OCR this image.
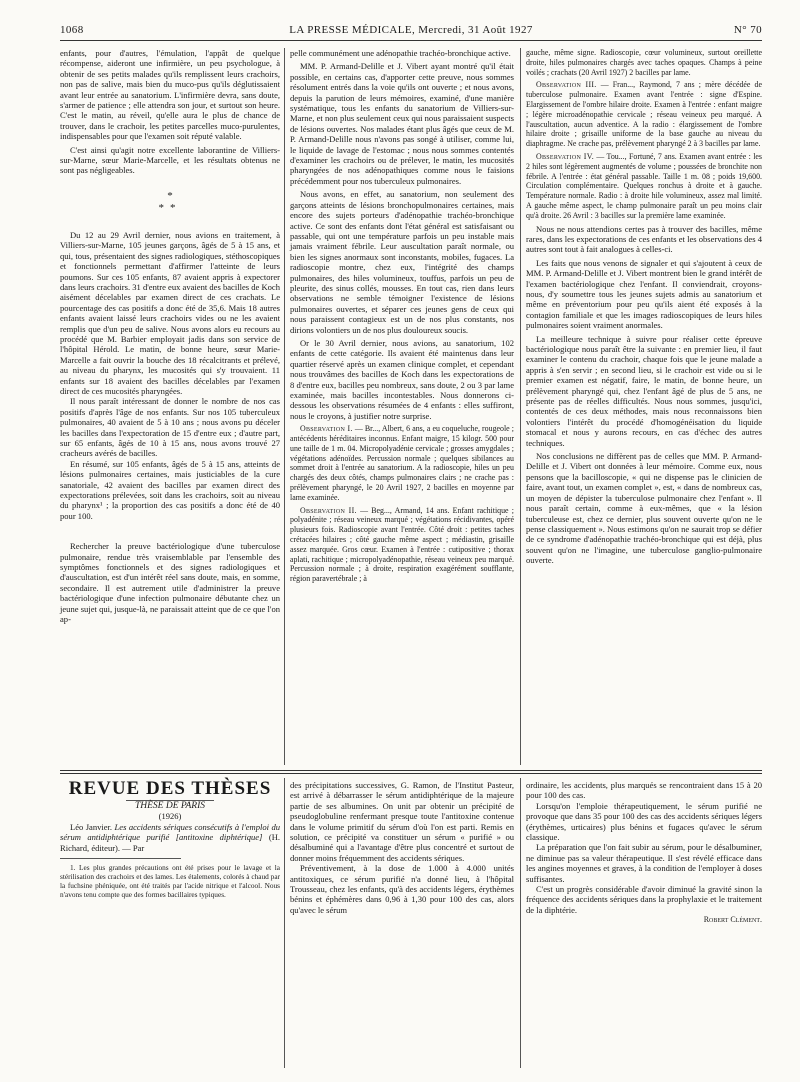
1068	LA PRESSE MÉDICALE, Mercredi, 31 Août 1927	N° 70

enfants, pour d'autres, l'émulation, l'appât de quelque récompense, aideront une infirmière, un peu psychologue, à obtenir de ses petits malades qu'ils remplissent leurs crachoirs, non pas de salive, mais bien du muco-pus qu'ils déglutissaient avant leur entrée au sanatorium. L'infirmière devra, sans doute, s'armer de patience ; elle attendra son jour, et surtout son heure. C'est le matin, au réveil, qu'elle aura le plus de chance de trouver, dans le crachoir, les petites parcelles muco-purulentes, indispensables pour que l'examen soit réputé valable.

C'est ainsi qu'agit notre excellente laborantine de Villiers-sur-Marne, sœur Marie-Marcelle, et les résultats obtenus ne sont pas négligeables.

*
**

Du 12 au 29 Avril dernier, nous avions en traitement, à Villiers-sur-Marne, 105 jeunes garçons, âgés de 5 à 15 ans, et qui, tous, présentaient des signes radiologiques, stéthoscopiques et fonctionnels permettant d'affirmer l'atteinte de leurs poumons. Sur ces 105 enfants, 87 avaient appris à expectorer dans leurs crachoirs. 31 d'entre eux avaient des bacilles de Koch aisément décelables par examen direct de ces crachats. Le pourcentage des cas positifs a donc été de 35,6. Mais 18 autres enfants avaient laissé leurs crachoirs vides ou ne les avaient remplis que d'un peu de salive. Nous avons alors eu recours au procédé que M. Barbier employait jadis dans son service de l'hôpital Hérold. Le matin, de bonne heure, sœur Marie-Marcelle a fait ouvrir la bouche des 18 récalcitrants et prélevé, au niveau du pharynx, les mucosités qui s'y trouvaient. 11 enfants sur 18 avaient des bacilles décelables par l'examen direct de ces mucosités pharyngées.

Il nous paraît intéressant de donner le nombre de nos cas positifs d'après l'âge de nos enfants. Sur nos 105 tuberculeux pulmonaires, 40 avaient de 5 à 10 ans ; nous avons pu déceler les bacilles dans l'expectoration de 15 d'entre eux ; d'autre part, sur 65 enfants, âgés de 10 à 15 ans, nous avons trouvé 27 cracheurs avérés de bacilles.

En résumé, sur 105 enfants, âgés de 5 à 15 ans, atteints de lésions pulmonaires certaines, mais justiciables de la cure sanatoriale, 42 avaient des bacilles par examen direct des expectorations prélevées, soit dans les crachoirs, soit au niveau du pharynx¹ ; la proportion des cas positifs a donc été de 40 pour 100.

Rechercher la preuve bactériologique d'une tuberculose pulmonaire, rendue très vraisemblable par l'ensemble des symptômes fonctionnels et des signes radiologiques et d'auscultation, est d'un intérêt réel sans doute, mais, en somme, secondaire. Il est autrement utile d'administrer la preuve bactériologique d'une infection pulmonaire débutante chez un jeune sujet qui, jusque-là, ne paraissait atteint que de ce que l'on ap-

pelle communément une adénopathie trachéo-bronchique active.

MM. P. Armand-Delille et J. Vibert ayant montré qu'il était possible, en certains cas, d'apporter cette preuve, nous sommes résolument entrés dans la voie qu'ils ont ouverte ; et nous avons, depuis la parution de leurs mémoires, examiné, d'une manière systématique, tous les enfants du sanatorium de Villiers-sur-Marne, et non plus seulement ceux qui nous paraissaient suspects de lésions ouvertes. Nos malades étant plus âgés que ceux de M. P. Armand-Delille nous n'avons pas songé à utiliser, comme lui, le liquide de lavage de l'estomac ; nous nous sommes contentés d'examiner les crachoirs ou de prélever, le matin, les mucosités pharyngées de nos adénopathiques comme nous le faisions précédemment pour nos tuberculeux pulmonaires.

Nous avons, en effet, au sanatorium, non seulement des garçons atteints de lésions bronchopulmonaires certaines, mais encore des sujets porteurs d'adénopathie trachéo-bronchique active. Ce sont des enfants dont l'état général est satisfaisant ou passable, qui ont une température parfois un peu instable mais jamais vraiment fébrile. Leur auscultation paraît normale, ou bien les signes anormaux sont inconstants, mobiles, fugaces. La radioscopie montre, chez eux, l'intégrité des champs pulmonaires, des hiles volumineux, touffus, parfois un peu de pleurite, des sinus collés, mousses. En tout cas, rien dans leurs observations ne semble témoigner l'existence de lésions pulmonaires ouvertes, et séparer ces jeunes gens de ceux qui nous paraissent contagieux est un de nos plus constants, nos dirions volontiers un de nos plus douloureux soucis.

Or le 30 Avril dernier, nous avions, au sanatorium, 102 enfants de cette catégorie. Ils avaient été maintenus dans leur quartier réservé après un examen clinique complet, et cependant nous trouvâmes des bacilles de Koch dans les expectorations de 8 d'entre eux, bacilles peu nombreux, sans doute, 2 ou 3 par lame examinée, mais bacilles incontestables. Nous donnerons ci-dessous les observations résumées de 4 enfants : elles suffiront, nous le croyons, à justifier notre surprise.

Observation I. — Br..., Albert, 6 ans, a eu coqueluche, rougeole ; antécédents héréditaires inconnus. Enfant maigre, 15 kilogr. 500 pour une taille de 1 m. 04. Micropolyadénie cervicale ; grosses amygdales ; végétations adénoïdes. Percussion normale ; quelques sibilances au sommet droit à l'entrée au sanatorium. A la radioscopie, hiles un peu chargés des deux côtés, champs pulmonaires clairs ; ne crache pas : prélèvement pharyngé, le 20 Avril 1927, 2 bacilles en moyenne par lame examinée.

Observation II. — Beg..., Armand, 14 ans. Enfant rachitique ; polyadénite ; réseau veineux marqué ; végétations récidivantes, opéré plusieurs fois. Radioscopie avant l'entrée. Côté droit : petites taches crétacées hilaires ; côté gauche même aspect ; médiastin, grisaille assez marquée. Gros cœur. Examen à l'entrée : cutipositive ; thorax aplati, rachitique ; micropolyadénopathie, réseau veineux peu marqué. Percussion normale ; à droite, respiration exagérément soufflante, région paravertébrale ; à

gauche, même signe. Radioscopie, cœur volumineux, surtout oreillette droite, hiles pulmonaires chargés avec taches opaques. Champs à peine voilés ; crachats (20 Avril 1927) 2 bacilles par lame.

Observation III. — Fran..., Raymond, 7 ans ; mère décédée de tuberculose pulmonaire. Examen avant l'entrée : signe d'Espine. Elargissement de l'ombre hilaire droite. Examen à l'entrée : enfant maigre ; légère microadénopathie cervicale ; réseau veineux peu marqué. A l'auscultation, aucun adventice. A la radio : élargissement de l'ombre hilaire droite ; grisaille uniforme de la base gauche au niveau du diaphragme. Ne crache pas, prélèvement pharyngé 2 à 3 bacilles par lame.

Observation IV. — Tou..., Fortuné, 7 ans. Examen avant entrée : les 2 hiles sont légèrement augmentés de volume ; poussées de bronchite non fébrile. A l'entrée : état général passable. Taille 1 m. 08 ; poids 19,600. Circulation complémentaire. Quelques ronchus à droite et à gauche. Température normale. Radio : à droite hile volumineux, assez mal limité. A gauche même aspect, le champ pulmonaire paraît un peu moins clair qu'à droite. 26 Avril : 3 bacilles sur la première lame examinée.

Nous ne nous attendions certes pas à trouver des bacilles, même rares, dans les expectorations de ces enfants et les observations des 4 autres sont tout à fait analogues à celles-ci.

Les faits que nous venons de signaler et qui s'ajoutent à ceux de MM. P. Armand-Delille et J. Vibert montrent bien le grand intérêt de l'examen bactériologique chez l'enfant. Il conviendrait, croyons-nous, d'y soumettre tous les jeunes sujets admis au sanatorium et même en préventorium pour peu qu'ils aient été exposés à la contagion familiale et que les images radioscopiques de leurs hiles pulmonaires soient vraiment anormales.

La meilleure technique à suivre pour réaliser cette épreuve bactériologique nous paraît être la suivante : en premier lieu, il faut examiner le contenu du crachoir, chaque fois que le jeune malade a appris à s'en servir ; en second lieu, si le crachoir est vide ou si le premier examen est négatif, faire, le matin, de bonne heure, un prélèvement pharyngé qui, chez l'enfant âgé de plus de 5 ans, ne présente pas de réelles difficultés. Nous nous sommes, jusqu'ici, contentés de ces deux méthodes, mais nous reconnaissons bien volontiers l'intérêt du procédé d'homogénéisation du liquide stomacal et nous y aurons recours, en cas d'échec des autres techniques.

Nos conclusions ne diffèrent pas de celles que MM. P. Armand-Delille et J. Vibert ont données à leur mémoire. Comme eux, nous pensons que la bacilloscopie, « qui ne dispense pas le clinicien de faire, avant tout, un examen complet », est, « dans de nombreux cas, un moyen de dépister la tuberculose pulmonaire chez l'enfant ». Il nous paraît certain, comme à eux-mêmes, que « la lésion tuberculeuse est, chez ce dernier, plus souvent ouverte qu'on ne le pense classiquement ». Nous estimons qu'on ne saurait trop se défier de ce syndrome d'adénopathie trachéo-bronchique qui est déjà, plus souvent qu'on ne l'imagine, une tuberculose ganglio-pulmonaire ouverte.

REVUE DES THÈSES

THÈSE DE PARIS

(1926)

Léo Janvier. Les accidents sériques consécutifs à l'emploi du sérum antidiphtérique purifié [antitoxine diphtérique] (H. Richard, éditeur). — Par

1. Les plus grandes précautions ont été prises pour le lavage et la stérilisation des crachoirs et des lames. Les étalements, colorés à chaud par la fuchsine phéniquée, ont été traités par l'acide nitrique et l'alcool. Nous n'avons tenu compte que des formes bacillaires typiques.

des précipitations successives, G. Ramon, de l'Institut Pasteur, est arrivé à débarrasser le sérum antidiphtérique de la majeure partie de ses albumines. On unit par obtenir un précipité de pseudoglobuline renfermant presque toute l'antitoxine contenue dans le volume primitif du sérum d'où l'on est parti. Remis en solution, ce précipité va constituer un sérum « purifié » ou désalbuminé qui a l'avantage d'être plus concentré et surtout de donner moins fréquemment des accidents sériques.

Préventivement, à la dose de 1.000 à 4.000 unités antitoxiques, ce sérum purifié n'a donné lieu, à l'hôpital Trousseau, chez les enfants, qu'à des accidents légers, érythèmes bénins et éphémères dans 0,96 à 1,30 pour 100 des cas, alors qu'avec le sérum

ordinaire, les accidents, plus marqués se rencontraient dans 15 à 20 pour 100 des cas.

Lorsqu'on l'emploie thérapeutiquement, le sérum purifié ne provoque que dans 35 pour 100 des cas des accidents sériques légers (érythèmes, urticaires) plus bénins et fugaces qu'avec le sérum classique.

La préparation que l'on fait subir au sérum, pour le désalbuminer, ne diminue pas sa valeur thérapeutique. Il s'est révélé efficace dans les angines moyennes et graves, à la condition de l'employer à doses suffisantes.

C'est un progrès considérable d'avoir diminué la gravité sinon la fréquence des accidents sériques dans la prophylaxie et le traitement de la diphtérie.

Robert Clément.
